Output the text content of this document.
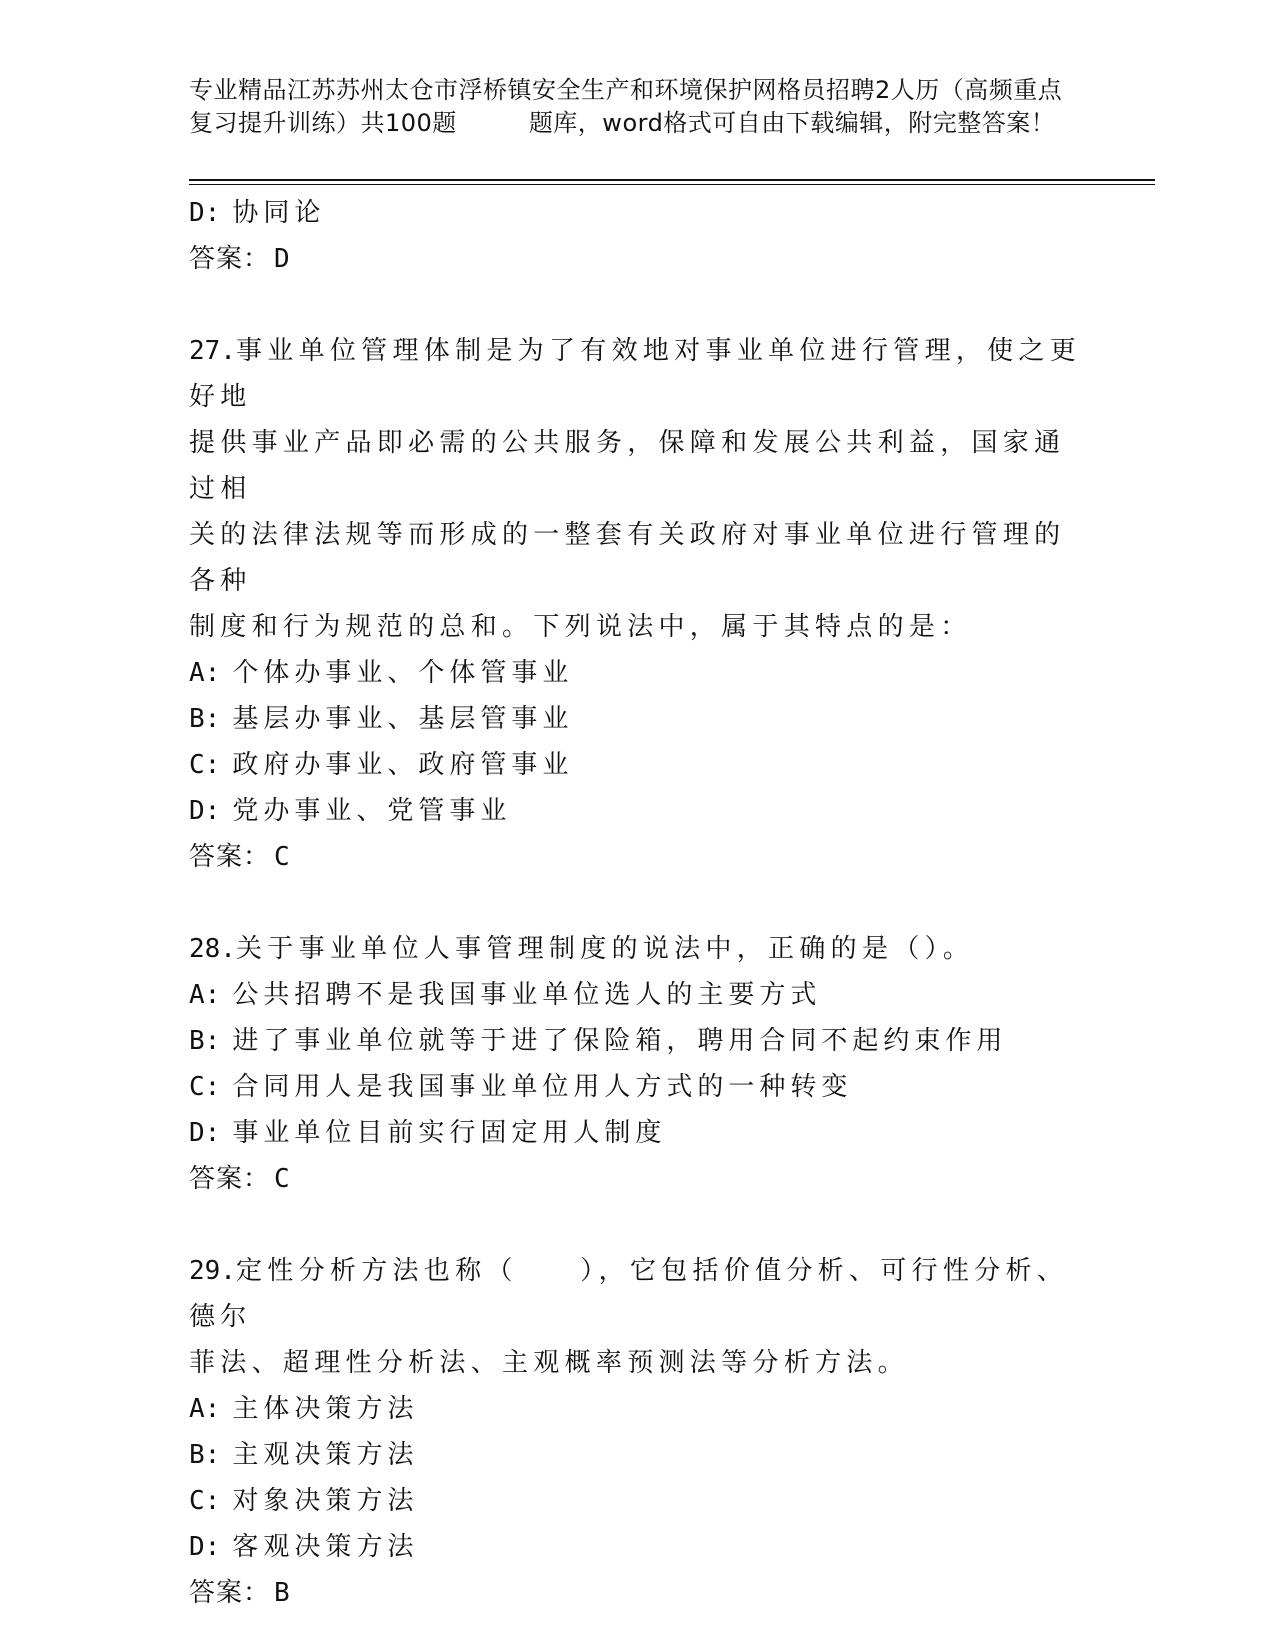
专业精品江苏苏州太仓市浮桥镇安全生产和环境保护网格员招聘2人历（高频重点
复习提升训练）共100题	题库，word格式可自由下载编辑，附完整答案！
D: 协同论
答案： D
27.事业单位管理体制是为了有效地对事业单位进行管理，使之更好地
提供事业产品即必需的公共服务，保障和发展公共利益，国家通过相
关的法律法规等而形成的一整套有关政府对事业单位进行管理的各种
制度和行为规范的总和。下列说法中，属于其特点的是：
A: 个体办事业、个体管事业
B: 基层办事业、基层管事业
C: 政府办事业、政府管事业
D: 党办事业、党管事业
答案： C
28.关于事业单位人事管理制度的说法中，正确的是（）。
A: 公共招聘不是我国事业单位选人的主要方式
B: 进了事业单位就等于进了保险箱，聘用合同不起约束作用
C: 合同用人是我国事业单位用人方式的一种转变
D: 事业单位目前实行固定用人制度
答案： C
29.定性分析方法也称（　　），它包括价值分析、可行性分析、德尔
菲法、超理性分析法、主观概率预测法等分析方法。
A: 主体决策方法
B: 主观决策方法
C: 对象决策方法
D: 客观决策方法
答案： B
